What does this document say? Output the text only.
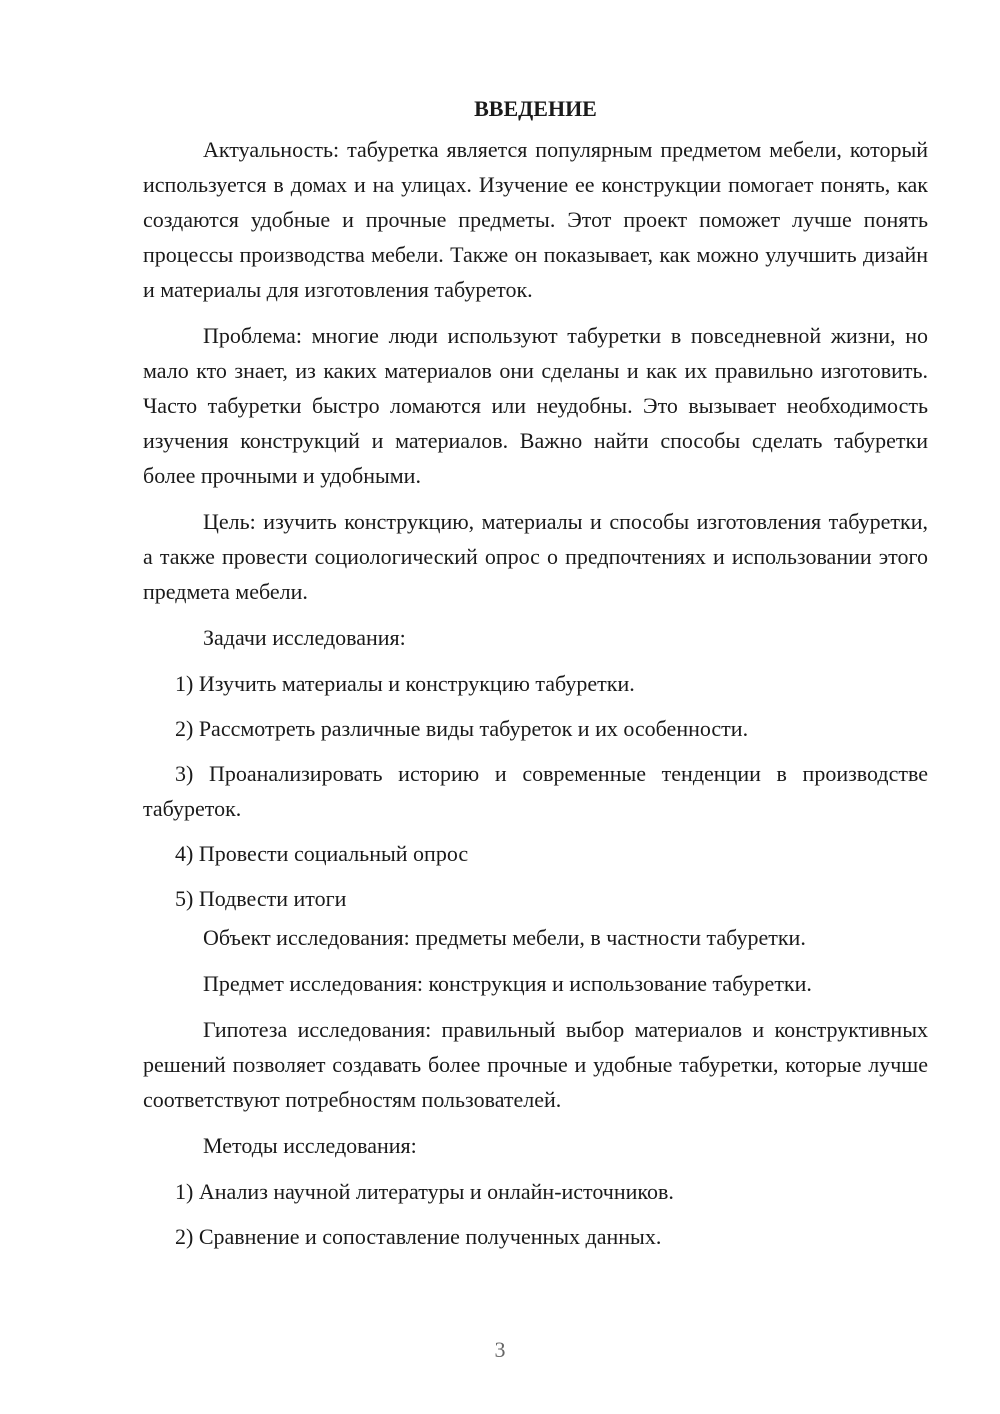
ВВЕДЕНИЕ

Актуальность: табуретка является популярным предметом мебели, который используется в домах и на улицах. Изучение ее конструкции помогает понять, как создаются удобные и прочные предметы. Этот проект поможет лучше понять процессы производства мебели. Также он показывает, как можно улучшить дизайн и материалы для изготовления табуреток.

Проблема: многие люди используют табуретки в повседневной жизни, но мало кто знает, из каких материалов они сделаны и как их правильно изготовить. Часто табуретки быстро ломаются или неудобны. Это вызывает необходимость изучения конструкций и материалов. Важно найти способы сделать табуретки более прочными и удобными.

Цель: изучить конструкцию, материалы и способы изготовления табуретки, а также провести социологический опрос о предпочтениях и использовании этого предмета мебели.

Задачи исследования:

1) Изучить материалы и конструкцию табуретки.

2) Рассмотреть различные виды табуреток и их особенности.

3) Проанализировать историю и современные тенденции в производстве табуреток.

4) Провести социальный опрос

5) Подвести итоги

Объект исследования: предметы мебели, в частности табуретки.

Предмет исследования: конструкция и использование табуретки.

Гипотеза исследования: правильный выбор материалов и конструктивных решений позволяет создавать более прочные и удобные табуретки, которые лучше соответствуют потребностям пользователей.

Методы исследования:

1) Анализ научной литературы и онлайн-источников.

2) Сравнение и сопоставление полученных данных.

3
